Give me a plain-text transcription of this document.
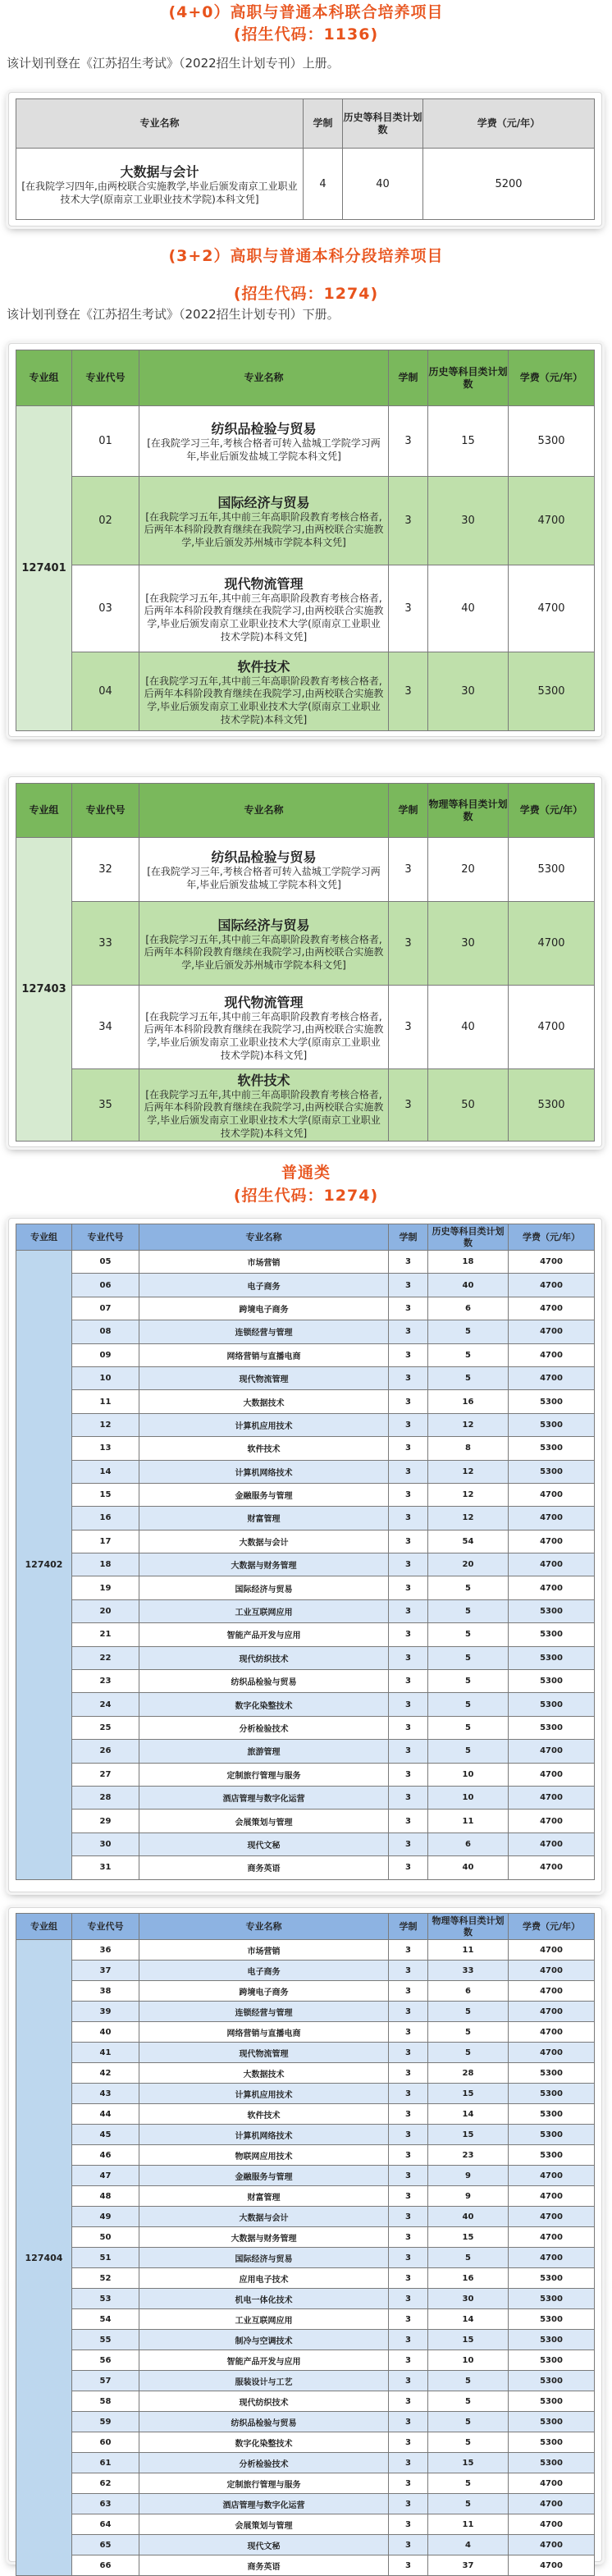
(4+0）高职与普通本科联合培养项目
(招生代码：1136)
该计划刊登在《江苏招生考试》（2022招生计划专刊）上册。
专业名称	学制	历史等科目类计划数	学费（元/年）

大数据与会计
[在我院学习四年,由两校联合实施教学,毕业后颁发南京工业职业技术大学(原南京工业职业技术学院)本科文凭]	4	40	5200
(3+2）高职与普通本科分段培养项目
(招生代码：1274)
该计划刊登在《江苏招生考试》（2022招生计划专刊）下册。
专业组	专业代号	专业名称	学制	历史等科目类计划数	学费（元/年）
127401	01	纺织品检验与贸易
[在我院学习三年,考核合格者可转入盐城工学院学习两年,毕业后颁发盐城工学院本科文凭]	3	15	5300
	02	国际经济与贸易
[在我院学习五年,其中前三年高职阶段教育考核合格者,后两年本科阶段教育继续在我院学习,由两校联合实施教学,毕业后颁发苏州城市学院本科文凭]	3	30	4700
	03	现代物流管理
[在我院学习五年,其中前三年高职阶段教育考核合格者,后两年本科阶段教育继续在我院学习,由两校联合实施教学,毕业后颁发南京工业职业技术大学(原南京工业职业技术学院)本科文凭]	3	40	4700
	04	软件技术
[在我院学习五年,其中前三年高职阶段教育考核合格者,后两年本科阶段教育继续在我院学习,由两校联合实施教学,毕业后颁发南京工业职业技术大学(原南京工业职业技术学院)本科文凭]	3	30	5300
专业组	专业代号	专业名称	学制	物理等科目类计划数	学费（元/年）
127403	32	纺织品检验与贸易
[在我院学习三年,考核合格者可转入盐城工学院学习两年,毕业后颁发盐城工学院本科文凭]	3	20	5300
	33	国际经济与贸易
[在我院学习五年,其中前三年高职阶段教育考核合格者,后两年本科阶段教育继续在我院学习,由两校联合实施教学,毕业后颁发苏州城市学院本科文凭]	3	30	4700
	34	现代物流管理
[在我院学习五年,其中前三年高职阶段教育考核合格者,后两年本科阶段教育继续在我院学习,由两校联合实施教学,毕业后颁发南京工业职业技术大学(原南京工业职业技术学院)本科文凭]	3	40	4700
	35	软件技术
[在我院学习五年,其中前三年高职阶段教育考核合格者,后两年本科阶段教育继续在我院学习,由两校联合实施教学,毕业后颁发南京工业职业技术大学(原南京工业职业技术学院)本科文凭]	3	50	5300
普通类
(招生代码：1274)
专业组	专业代号	专业名称	学制	历史等科目类计划数	学费（元/年）
127402	05	市场营销	3	18	4700
	06	电子商务	3	40	4700
	07	跨境电子商务	3	6	4700
	08	连锁经营与管理	3	5	4700
	09	网络营销与直播电商	3	5	4700
	10	现代物流管理	3	5	4700
	11	大数据技术	3	16	5300
	12	计算机应用技术	3	12	5300
	13	软件技术	3	8	5300
	14	计算机网络技术	3	12	5300
	15	金融服务与管理	3	12	4700
	16	财富管理	3	12	4700
	17	大数据与会计	3	54	4700
	18	大数据与财务管理	3	20	4700
	19	国际经济与贸易	3	5	4700
	20	工业互联网应用	3	5	5300
	21	智能产品开发与应用	3	5	5300
	22	现代纺织技术	3	5	5300
	23	纺织品检验与贸易	3	5	5300
	24	数字化染整技术	3	5	5300
	25	分析检验技术	3	5	5300
	26	旅游管理	3	5	4700
	27	定制旅行管理与服务	3	10	4700
	28	酒店管理与数字化运营	3	10	4700
	29	会展策划与管理	3	11	4700
	30	现代文秘	3	6	4700
	31	商务英语	3	40	4700
专业组	专业代号	专业名称	学制	物理等科目类计划数	学费（元/年）
127404	36	市场营销	3	11	4700
	37	电子商务	3	33	4700
	38	跨境电子商务	3	6	4700
	39	连锁经营与管理	3	5	4700
	40	网络营销与直播电商	3	5	4700
	41	现代物流管理	3	5	4700
	42	大数据技术	3	28	5300
	43	计算机应用技术	3	15	5300
	44	软件技术	3	14	5300
	45	计算机网络技术	3	15	5300
	46	物联网应用技术	3	23	5300
	47	金融服务与管理	3	9	4700
	48	财富管理	3	9	4700
	49	大数据与会计	3	40	4700
	50	大数据与财务管理	3	15	4700
	51	国际经济与贸易	3	5	4700
	52	应用电子技术	3	16	5300
	53	机电一体化技术	3	30	5300
	54	工业互联网应用	3	14	5300
	55	制冷与空调技术	3	15	5300
	56	智能产品开发与应用	3	10	5300
	57	服装设计与工艺	3	5	5300
	58	现代纺织技术	3	5	5300
	59	纺织品检验与贸易	3	5	5300
	60	数字化染整技术	3	5	5300
	61	分析检验技术	3	15	5300
	62	定制旅行管理与服务	3	5	4700
	63	酒店管理与数字化运营	3	5	4700
	64	会展策划与管理	3	11	4700
	65	现代文秘	3	4	4700
	66	商务英语	3	37	4700
